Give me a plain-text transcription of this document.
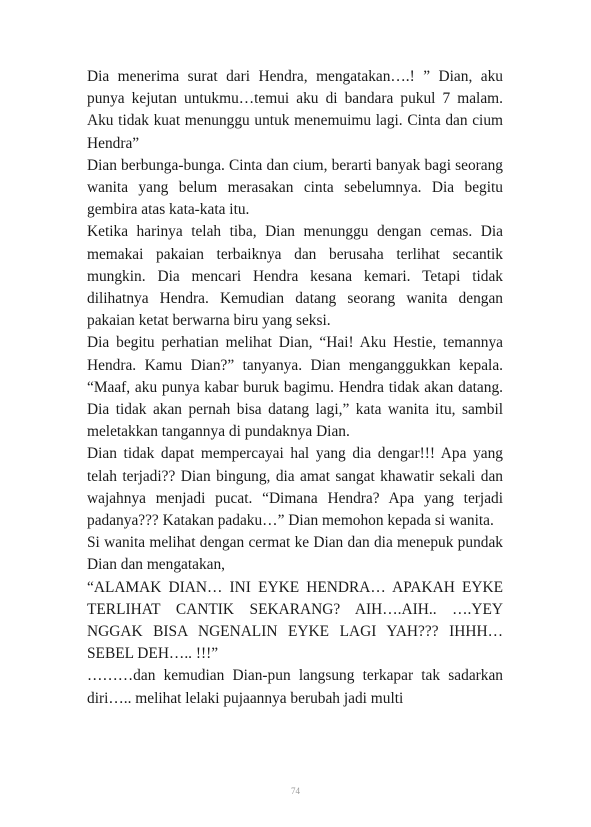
Dia menerima surat dari Hendra, mengatakan….! ” Dian, aku punya kejutan untukmu…temui aku di bandara pukul 7 malam. Aku tidak kuat menunggu untuk menemuimu lagi. Cinta dan cium Hendra”

Dian berbunga-bunga. Cinta dan cium, berarti banyak bagi seorang wanita yang belum merasakan cinta sebelumnya. Dia begitu gembira atas kata-kata itu.

Ketika harinya telah tiba, Dian menunggu dengan cemas. Dia memakai pakaian terbaiknya dan berusaha terlihat secantik mungkin. Dia mencari Hendra kesana kemari. Tetapi tidak dilihatnya Hendra. Kemudian datang seorang wanita dengan pakaian ketat berwarna biru yang seksi.

Dia begitu perhatian melihat Dian, “Hai! Aku Hestie, temannya Hendra. Kamu Dian?” tanyanya. Dian menganggukkan kepala. “Maaf, aku punya kabar buruk bagimu. Hendra tidak akan datang. Dia tidak akan pernah bisa datang lagi,” kata wanita itu, sambil meletakkan tangannya di pundaknya Dian.

Dian tidak dapat mempercayai hal yang dia dengar!!! Apa yang telah terjadi?? Dian bingung, dia amat sangat khawatir sekali dan wajahnya menjadi pucat. “Dimana Hendra? Apa yang terjadi padanya??? Katakan padaku…” Dian memohon kepada si wanita.

Si wanita melihat dengan cermat ke Dian dan dia menepuk pundak Dian dan mengatakan,

“ALAMAK DIAN… INI EYKE HENDRA… APAKAH EYKE TERLIHAT CANTIK SEKARANG? AIH….AIH.. ….YEY NGGAK BISA NGENALIN EYKE LAGI YAH??? IHHH… SEBEL DEH….. !!!”

………dan kemudian Dian-pun langsung terkapar tak sadarkan diri….. melihat lelaki pujaannya berubah jadi multi

74
